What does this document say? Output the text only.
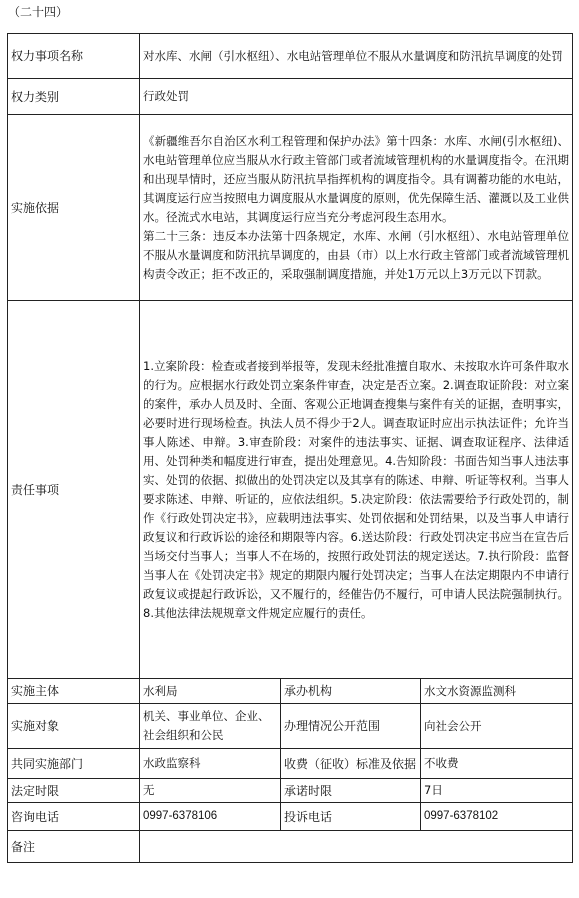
（二十四）
权力事项名称	对水库、水闸（引水枢纽）、水电站管理单位不服从水量调度和防汛抗旱调度的处罚		
权力类别	行政处罚		
实施依据	《新疆维吾尔自治区水利工程管理和保护办法》第十四条：水库、水闸(引水枢纽)、水电站管理单位应当服从水行政主管部门或者流域管理机构的水量调度指令。在汛期和出现旱情时，还应当服从防汛抗旱指挥机构的调度指令。具有调蓄功能的水电站，其调度运行应当按照电力调度服从水量调度的原则，优先保障生活、灌溉以及工业供水。径流式水电站，其调度运行应当充分考虑河段生态用水。
第二十三条：违反本办法第十四条规定，水库、水闸（引水枢纽）、水电站管理单位不服从水量调度和防汛抗旱调度的，由县（市）以上水行政主管部门或者流域管理机构责令改正；拒不改正的，采取强制调度措施，并处1万元以上3万元以下罚款。		

责任事项	1.立案阶段：检查或者接到举报等，发现未经批准擅自取水、未按取水许可条件取水的行为。应根据水行政处罚立案条件审查，决定是否立案。2.调查取证阶段：对立案的案件，承办人员及时、全面、客观公正地调查搜集与案件有关的证据，查明事实，必要时进行现场检查。执法人员不得少于2人。调查取证时应出示执法证件；允许当事人陈述、申辩。3.审查阶段：对案件的违法事实、证据、调查取证程序、法律适用、处罚种类和幅度进行审查，提出处理意见。4.告知阶段：书面告知当事人违法事实、处罚的依据、拟做出的处罚决定以及其享有的陈述、申辩、听证等权利。当事人要求陈述、申辩、听证的，应依法组织。5.决定阶段：依法需要给予行政处罚的，制作《行政处罚决定书》，应载明违法事实、处罚依据和处罚结果，以及当事人申请行政复议和行政诉讼的途径和期限等内容。6.送达阶段：行政处罚决定书应当在宣告后当场交付当事人；当事人不在场的，按照行政处罚法的规定送达。7.执行阶段：监督当事人在《处罚决定书》规定的期限内履行处罚决定；当事人在法定期限内不申请行政复议或提起行政诉讼，又不履行的，经催告仍不履行，可申请人民法院强制执行。8.其他法律法规规章文件规定应履行的责任。		

实施主体	水利局	承办机构	水文水资源监测科
实施对象	机关、事业单位、企业、社会组织和公民	办理情况公开范围	向社会公开
共同实施部门	水政监察科	收费（征收）标准及依据	不收费
法定时限	无	承诺时限	7日
咨询电话	0997-6378106	投诉电话	0997-6378102
备注			
